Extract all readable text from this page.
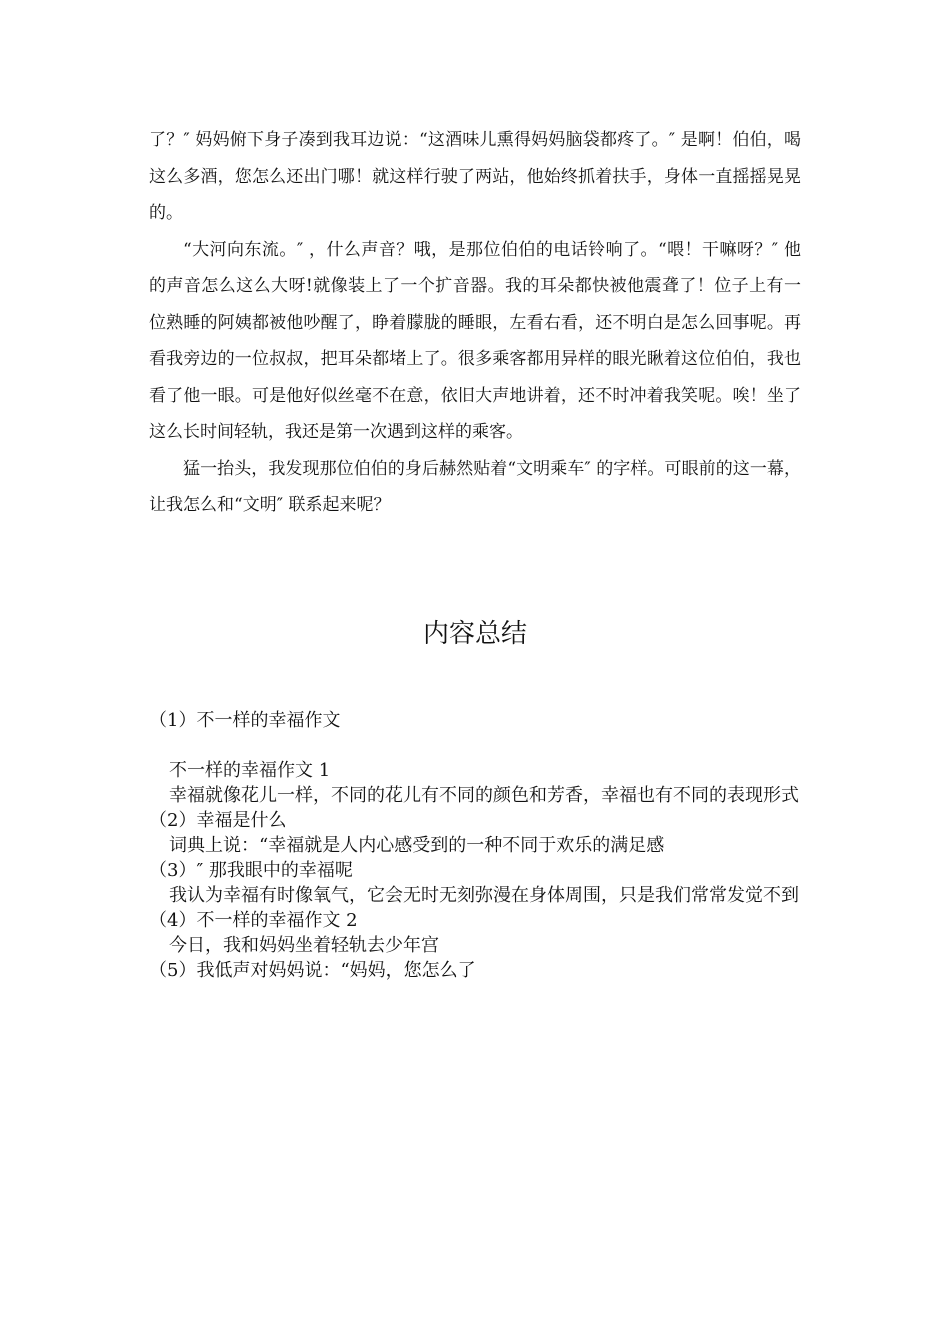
了？″ 妈妈俯下身子凑到我耳边说：“这酒味儿熏得妈妈脑袋都疼了。″ 是啊！伯伯，喝这么多酒，您怎么还出门哪！就这样行驶了两站，他始终抓着扶手，身体一直摇摇晃晃的。

“大河向东流。″ ，什么声音？哦，是那位伯伯的电话铃响了。“喂！干嘛呀？″ 他的声音怎么这么大呀!就像装上了一个扩音器。我的耳朵都快被他震聋了！位子上有一位熟睡的阿姨都被他吵醒了，睁着朦胧的睡眼，左看右看，还不明白是怎么回事呢。再看我旁边的一位叔叔，把耳朵都堵上了。很多乘客都用异样的眼光瞅着这位伯伯，我也看了他一眼。可是他好似丝毫不在意，依旧大声地讲着，还不时冲着我笑呢。唉！坐了这么长时间轻轨，我还是第一次遇到这样的乘客。

猛一抬头，我发现那位伯伯的身后赫然贴着“文明乘车″ 的字样。可眼前的这一幕，让我怎么和“文明″ 联系起来呢？

内容总结
（1）不一样的幸福作文
不一样的幸福作文 1
幸福就像花儿一样，不同的花儿有不同的颜色和芳香，幸福也有不同的表现形式
（2）幸福是什么
词典上说：“幸福就是人内心感受到的一种不同于欢乐的满足感
（3）″ 那我眼中的幸福呢
我认为幸福有时像氧气，它会无时无刻弥漫在身体周围，只是我们常常发觉不到
（4）不一样的幸福作文 2
今日，我和妈妈坐着轻轨去少年宫
（5）我低声对妈妈说：“妈妈，您怎么了
